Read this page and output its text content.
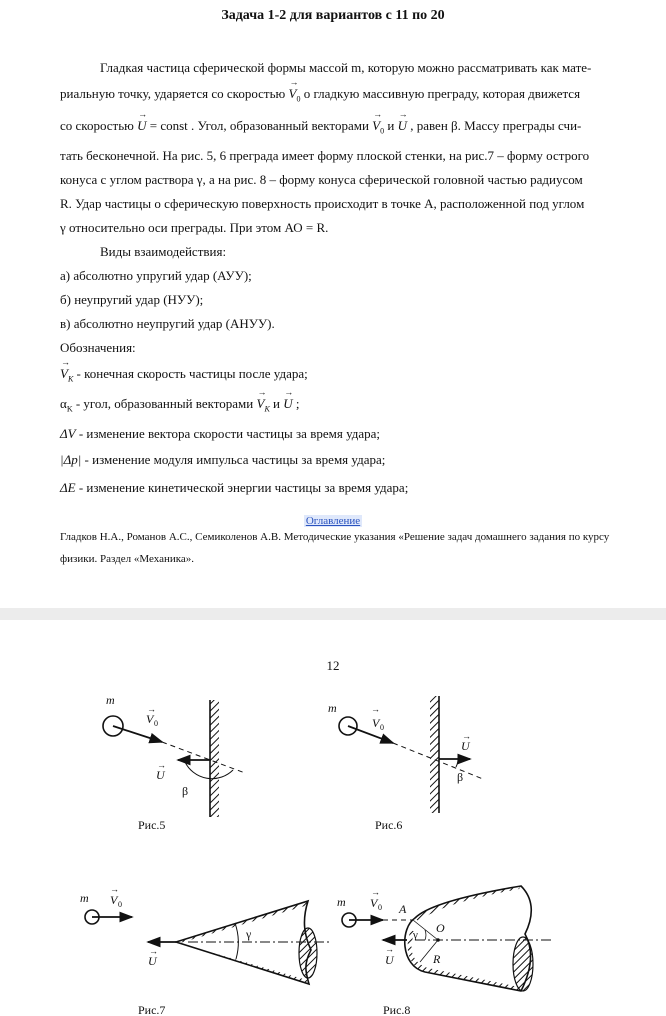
Задача 1-2 для вариантов с 11 по 20
Гладкая частица сферической формы массой m, которую можно рассматривать как мате-
риальную точку, ударяется со скоростью → $V_0$ о гладкую массивную преграду, которая движется
со скоростью → U = const . Угол, образованный векторами → $V_0$ и → U , равен β. Массу преграды счи-
тать бесконечной. На рис. 5, 6 преграда имеет форму плоской стенки, на рис.7 – форму острого
конуса с углом раствора γ, а на рис. 8 – форму конуса сферической головной частью радиусом
R. Удар частицы о сферическую поверхность происходит в точке А, расположенной под углом
γ относительно оси преграды. При этом АО = R.
Виды взаимодействия:
а) абсолютно упругий удар (АУУ);
б) неупругий удар (НУУ);
в) абсолютно неупругий удар (АНУУ).
Обозначения:
→ $V_K$ - конечная скорость частицы после удара;
$\alpha_K$ - угол, образованный векторами → $V_K$ и → U ;
ΔV - изменение вектора скорости частицы за время удара;
|Δp| - изменение модуля импульса частицы за время удара;
ΔE - изменение кинетической энергии частицы за время удара;
Оглавление
Гладков Н.А., Романов А.С., Семиколенов А.В. Методические указания «Решение задач домашнего задания по курсу физики. Раздел «Механика».
12
m
V 0
→
U
→
β
Рис.5
m
V 0
→
U
→
β
Рис.6
m V 0
→
U
→
γ
Рис.7
m V 0
→
A
O
γ
U
→
R
Рис.8
